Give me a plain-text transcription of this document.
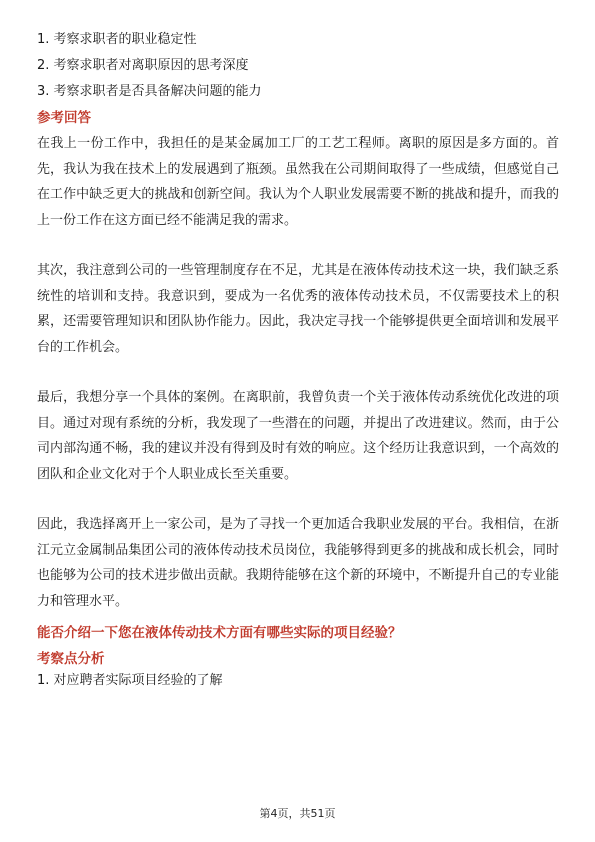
1. 考察求职者的职业稳定性
2. 考察求职者对离职原因的思考深度
3. 考察求职者是否具备解决问题的能力
参考回答

在我上一份工作中，我担任的是某金属加工厂的工艺工程师。离职的原因是多方面的。首先，我认为我在技术上的发展遇到了瓶颈。虽然我在公司期间取得了一些成绩，但感觉自己在工作中缺乏更大的挑战和创新空间。我认为个人职业发展需要不断的挑战和提升，而我的上一份工作在这方面已经不能满足我的需求。

其次，我注意到公司的一些管理制度存在不足，尤其是在液体传动技术这一块，我们缺乏系统性的培训和支持。我意识到，要成为一名优秀的液体传动技术员，不仅需要技术上的积累，还需要管理知识和团队协作能力。因此，我决定寻找一个能够提供更全面培训和发展平台的工作机会。

最后，我想分享一个具体的案例。在离职前，我曾负责一个关于液体传动系统优化改进的项目。通过对现有系统的分析，我发现了一些潜在的问题，并提出了改进建议。然而，由于公司内部沟通不畅，我的建议并没有得到及时有效的响应。这个经历让我意识到，一个高效的团队和企业文化对于个人职业成长至关重要。

因此，我选择离开上一家公司，是为了寻找一个更加适合我职业发展的平台。我相信，在浙江元立金属制品集团公司的液体传动技术员岗位，我能够得到更多的挑战和成长机会，同时也能够为公司的技术进步做出贡献。我期待能够在这个新的环境中，不断提升自己的专业能力和管理水平。

能否介绍一下您在液体传动技术方面有哪些实际的项目经验？
考察点分析
1. 对应聘者实际项目经验的了解
第4页，共51页
